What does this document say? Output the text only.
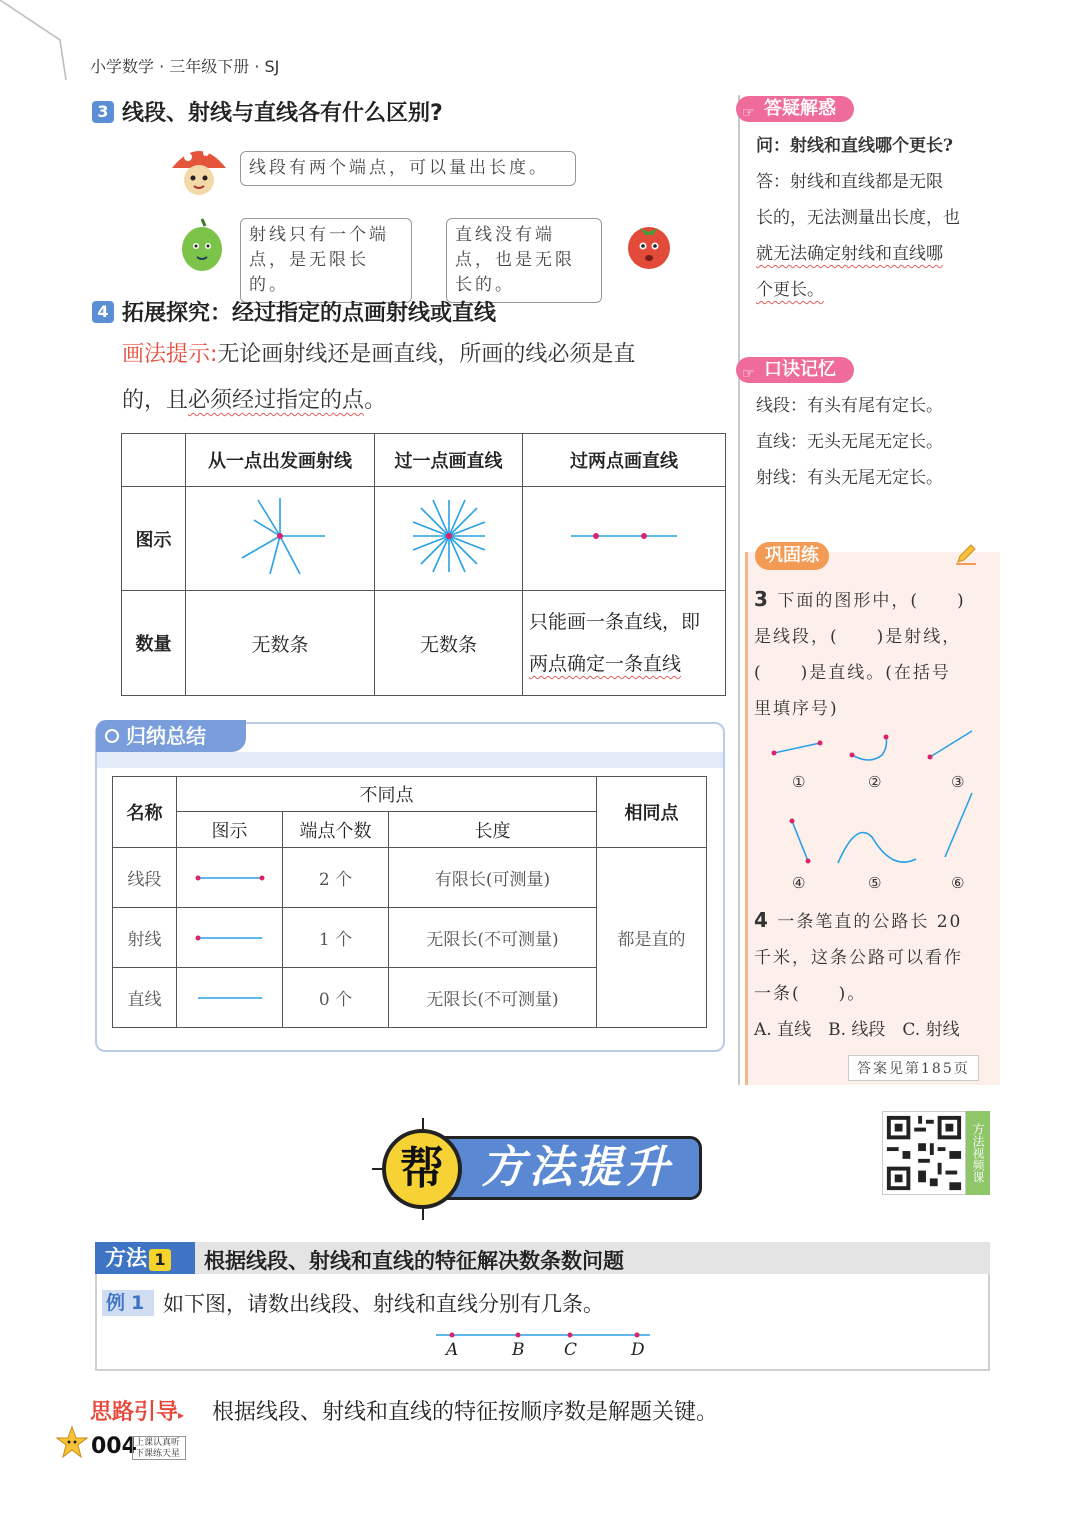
小学数学 · 三年级下册 · SJ
3 线段、射线与直线各有什么区别?
线段有两个端点，可以量出长度。
射线只有一个端点，是无限长的。
直线没有端点，也是无限长的。
4 拓展探究：经过指定的点画射线或直线
画法提示:无论画射线还是画直线，所画的线必须是直
的，且必须经过指定的点。
	从一点出发画射线	过一点画直线	过两点画直线
图示			
数量	无数条	无数条	只能画一条直线，即
两点确定一条直线
归纳总结
名称	不同点			相同点
	图示	端点个数	长度	
线段		2 个	有限长(可测量)	都是直的
射线		1 个	无限长(不可测量)	
直线		0 个	无限长(不可测量)	
☞ 答疑解惑
问：射线和直线哪个更长?
答：射线和直线都是无限
长的，无法测量出长度，也
就无法确定射线和直线哪
个更长。
☞ 口诀记忆
线段：有头有尾有定长。
直线：无头无尾无定长。
射线：有头无尾无定长。
巩固练
3 下面的图形中，(　　)
是线段，(　　)是射线，
(　　)是直线。(在括号
里填序号)
①	②	③
④	⑤	⑥
4 一条笔直的公路长 20
千米，这条公路可以看作
一条(　　)。
A. 直线　B. 线段　C. 射线
答案见第185页
方法提升
帮	方法视频课
方法 1	根据线段、射线和直线的特征解决数条数问题
例1 如下图，请数出线段、射线和直线分别有几条。
A	B C	D
思路引导▸ 根据线段、射线和直线的特征按顺序数是解题关键。
004
上课认真听 下课练天星
